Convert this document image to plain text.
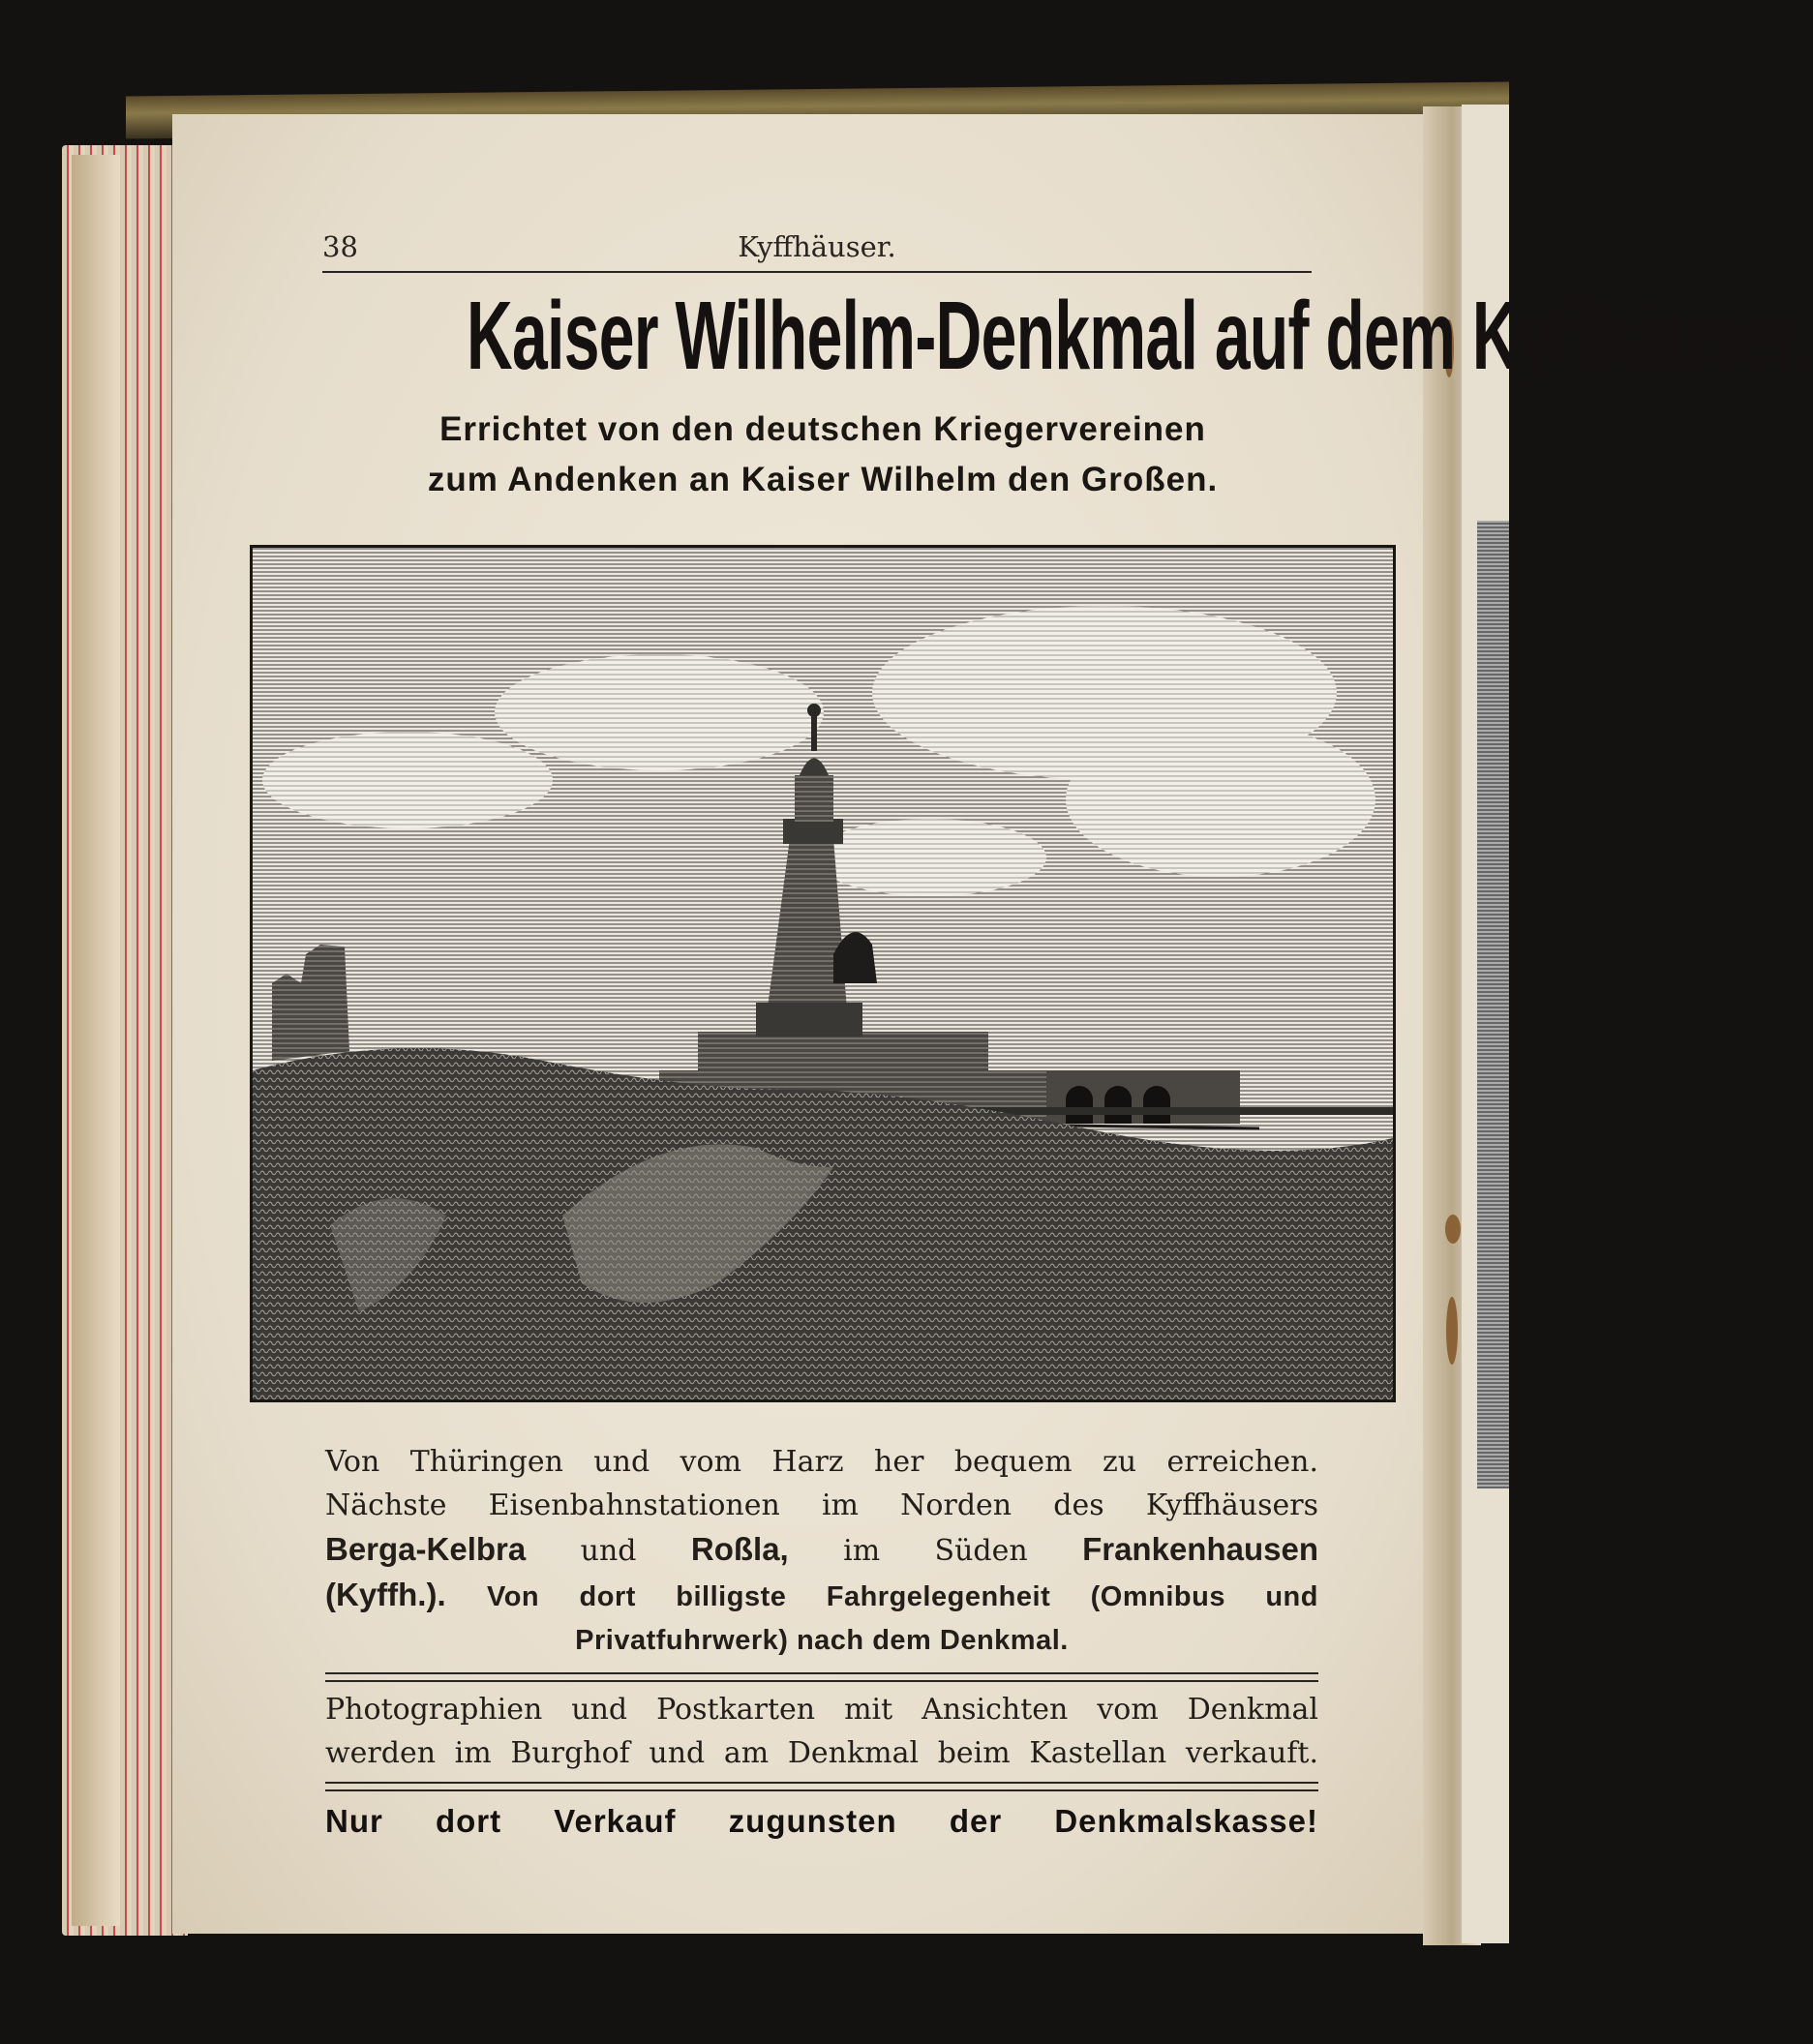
38	Kyffhäuser.
Kaiser Wilhelm-Denkmal auf dem Kyffhäuser.
Errichtet von den deutschen Kriegervereinen
zum Andenken an Kaiser Wilhelm den Großen.
Von Thüringen und vom Harz her bequem zu erreichen.
Nächste Eisenbahnstationen im Norden des Kyffhäusers
Berga-Kelbra und Roßla, im Süden Frankenhausen
(Kyffh.). Von dort billigste Fahrgelegenheit (Omnibus und
Privatfuhrwerk) nach dem Denkmal.
Photographien und Postkarten mit Ansichten vom Denkmal
werden im Burghof und am Denkmal beim Kastellan verkauft.
Nur dort Verkauf zugunsten der Denkmalskasse!
